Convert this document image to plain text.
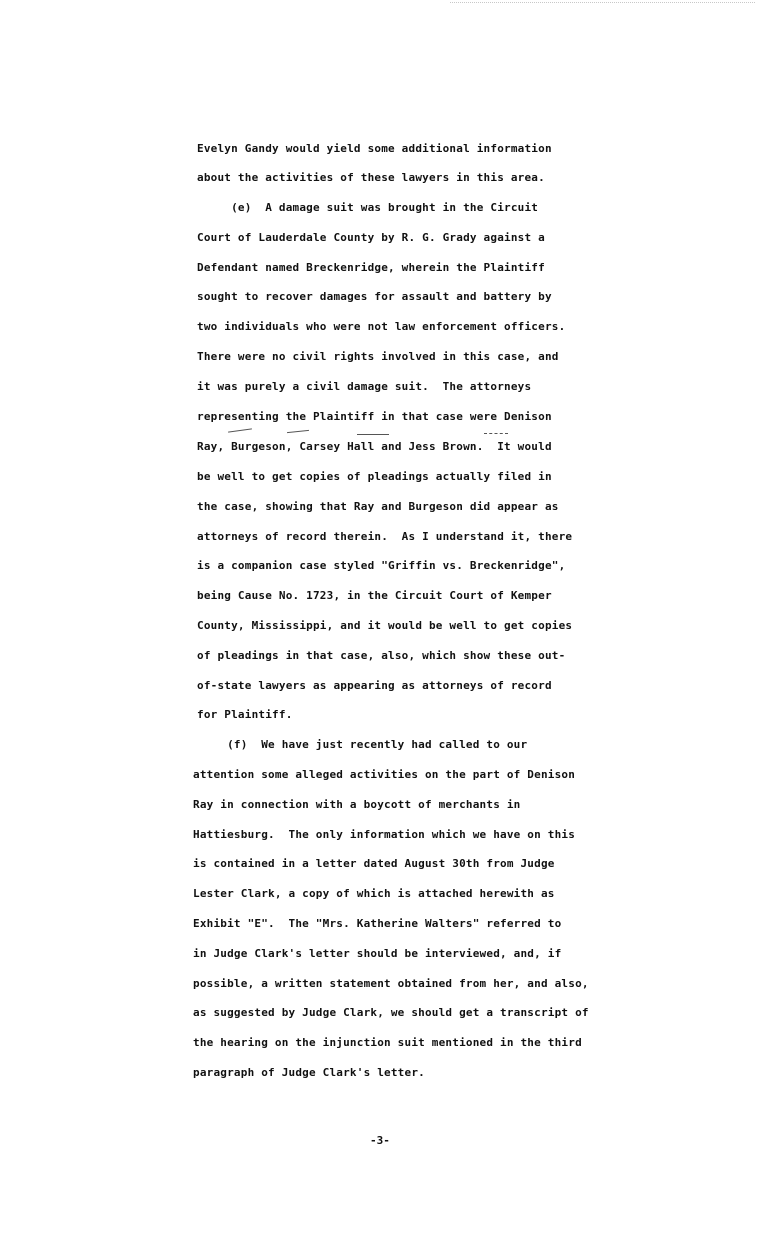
Evelyn Gandy would yield some additional information
about the activities of these lawyers in this area.
(e)  A damage suit was brought in the Circuit
Court of Lauderdale County by R. G. Grady against a
Defendant named Breckenridge, wherein the Plaintiff
sought to recover damages for assault and battery by
two individuals who were not law enforcement officers.
There were no civil rights involved in this case, and
it was purely a civil damage suit.  The attorneys
representing the Plaintiff in that case were Denison
Ray, Burgeson, Carsey Hall and Jess Brown.  It would
be well to get copies of pleadings actually filed in
the case, showing that Ray and Burgeson did appear as
attorneys of record therein.  As I understand it, there
is a companion case styled "Griffin vs. Breckenridge",
being Cause No. 1723, in the Circuit Court of Kemper
County, Mississippi, and it would be well to get copies
of pleadings in that case, also, which show these out-
of-state lawyers as appearing as attorneys of record
for Plaintiff.
(f)  We have just recently had called to our
attention some alleged activities on the part of Denison
Ray in connection with a boycott of merchants in
Hattiesburg.  The only information which we have on this
is contained in a letter dated August 30th from Judge
Lester Clark, a copy of which is attached herewith as
Exhibit "E".  The "Mrs. Katherine Walters" referred to
in Judge Clark's letter should be interviewed, and, if
possible, a written statement obtained from her, and also,
as suggested by Judge Clark, we should get a transcript of
the hearing on the injunction suit mentioned in the third
paragraph of Judge Clark's letter.
-3-
